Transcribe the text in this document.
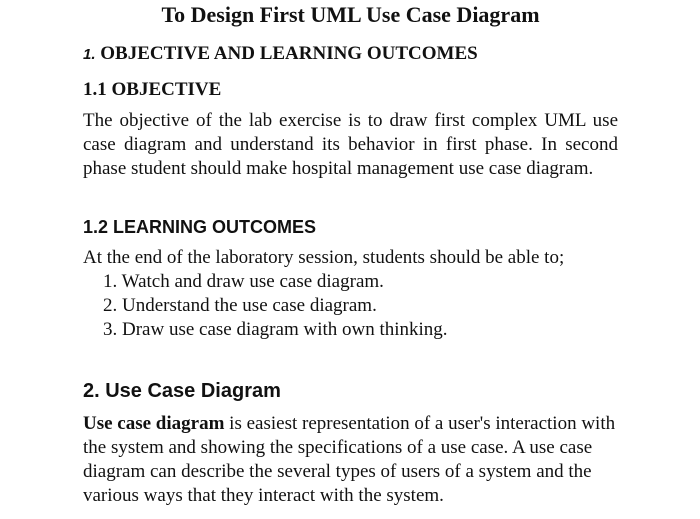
To Design First UML Use Case Diagram
1. OBJECTIVE AND LEARNING OUTCOMES
1.1 OBJECTIVE

The objective of the lab exercise is to draw first complex UML use case diagram and understand its behavior in first phase. In second phase student should make hospital management use case diagram.

1.2 LEARNING OUTCOMES

At the end of the laboratory session, students should be able to;

1. Watch and draw use case diagram.
2. Understand the use case diagram.
3. Draw use case diagram with own thinking.
2. Use Case Diagram

Use case diagram is easiest representation of a user's interaction with the system and showing the specifications of a use case. A use case diagram can describe the several types of users of a system and the various ways that they interact with the system.
